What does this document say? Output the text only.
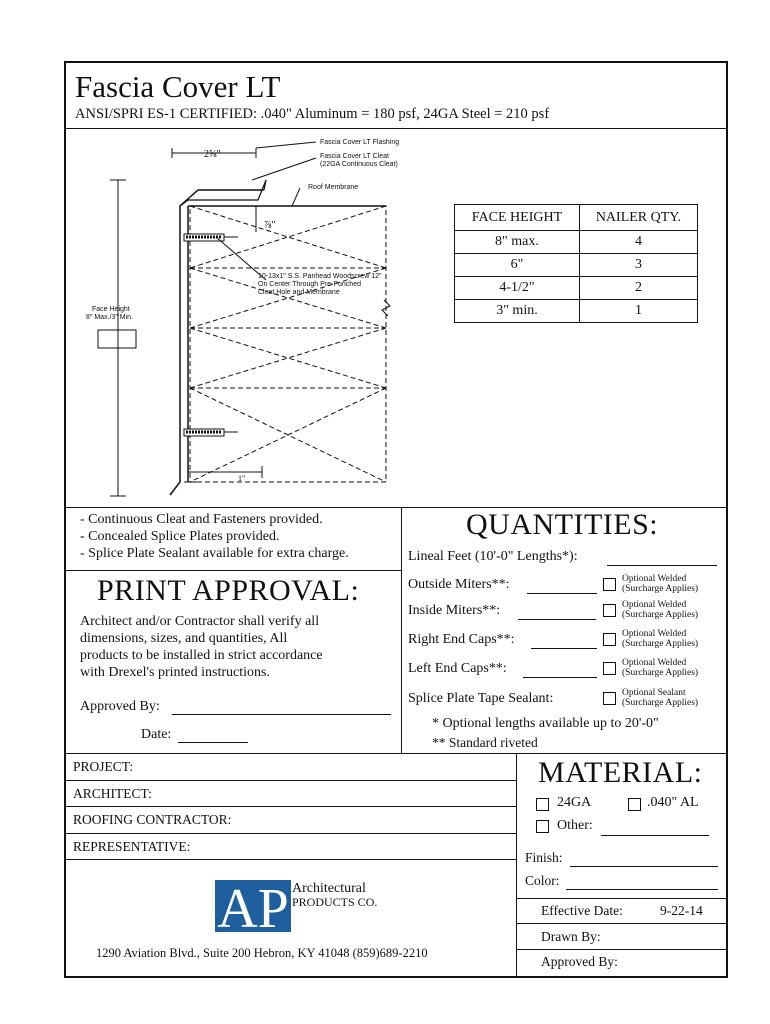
Fascia Cover LT
ANSI/SPRI ES-1 CERTIFIED: .040" Aluminum = 180 psf, 24GA Steel = 210 psf
2⅝"
⅞"
1"
Fascia Cover LT Flashing
Fascia Cover LT Cleat
(22GA Continuous Cleat)
Roof Membrane
10-13x1" S.S. Panhead Woodscrew 12"
On Center Through Pre-Punched
Cleat Hole and Membrane
Face Height
8" Max./3" Min.
FACE HEIGHT	NAILER QTY.
8" max.	4
6"	3
4-1/2"	2
3" min.	1
- Continuous Cleat and Fasteners provided.
- Concealed Splice Plates provided.
- Splice Plate Sealant available for extra charge.
PRINT APPROVAL:
Architect and/or Contractor shall verify all
dimensions, sizes, and quantities, All
products to be installed in strict accordance
with Drexel's printed instructions.
Approved By:
Date:
QUANTITIES:
Lineal Feet (10'-0" Lengths*):
Outside Miters**:	Optional Welded
(Surcharge Applies)
Inside Miters**:	Optional Welded
(Surcharge Applies)
Right End Caps**:	Optional Welded
(Surcharge Applies)
Left End Caps**:	Optional Welded
(Surcharge Applies)
Splice Plate Tape Sealant:	Optional Sealant
(Surcharge Applies)
* Optional lengths available up to 20'-0"
** Standard riveted
PROJECT:
ARCHITECT:
ROOFING CONTRACTOR:
REPRESENTATIVE:
AP Architectural
PRODUCTS CO.
1290 Aviation Blvd., Suite 200 Hebron, KY 41048 (859)689-2210
MATERIAL:
24GA	.040" AL
Other:
Finish:
Color:
Effective Date:	9-22-14
Drawn By:
Approved By:
